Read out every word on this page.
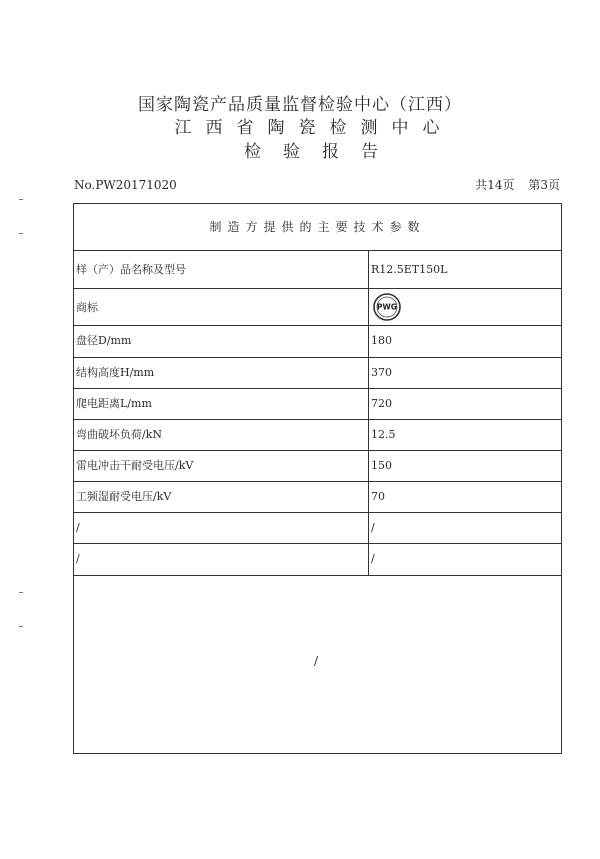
国家陶瓷产品质量监督检验中心（江西）
江西省陶瓷检测中心
检验报告
No.PW20171020	共14页 第3页
制造方提供的主要技术参数
样（产）品名称及型号	R12.5ET150L
商标	PWG
盘径D/mm	180
结构高度H/mm	370
爬电距离L/mm	720
弯曲破坏负荷/kN	12.5
雷电冲击干耐受电压/kV	150
工频湿耐受电压/kV	70
/	/
/	/
/
